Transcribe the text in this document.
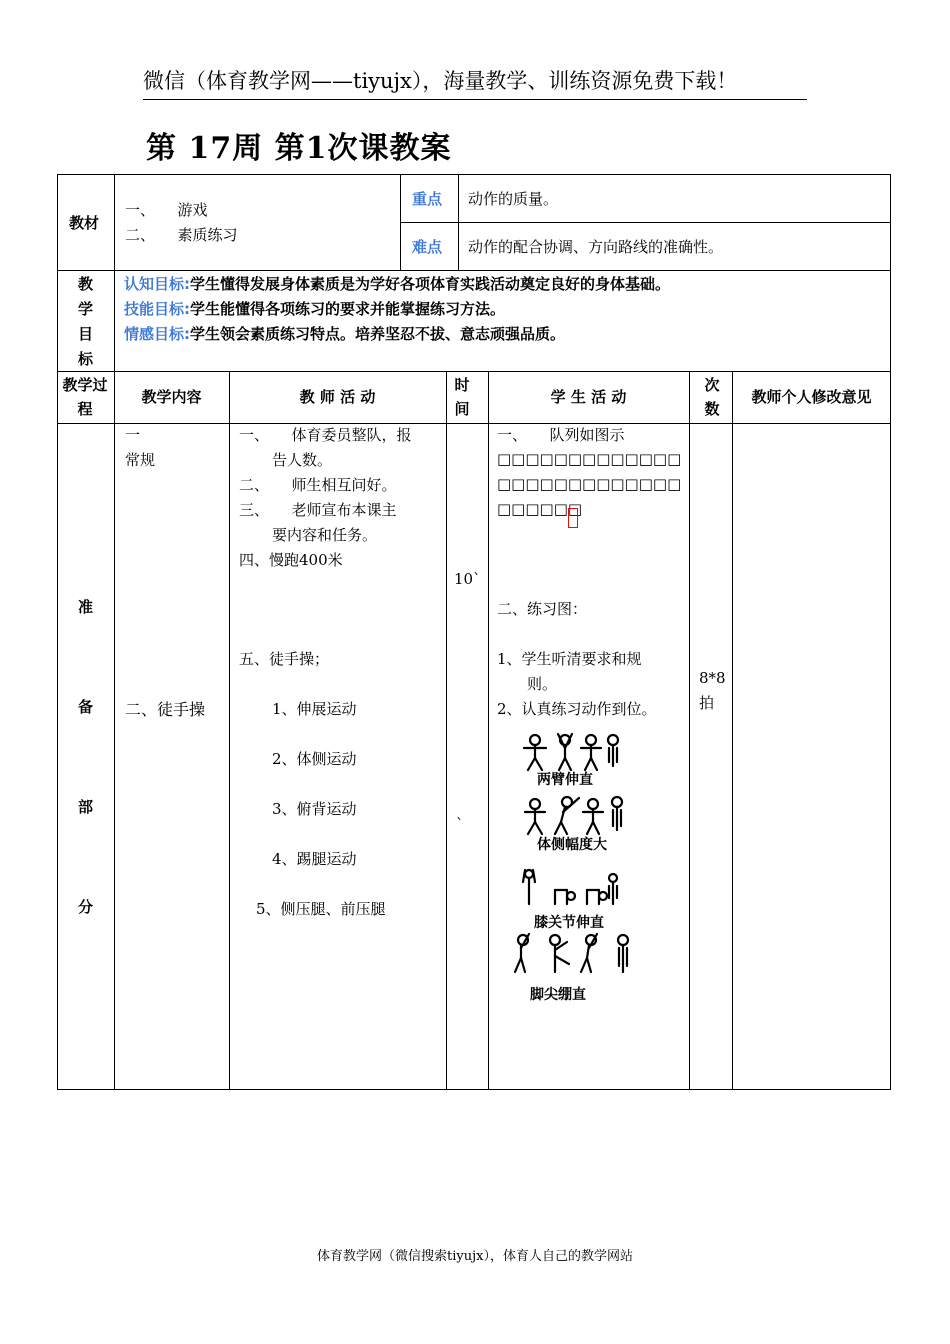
微信（体育教学网——tiyujx），海量教学、训练资源免费下载！
第 17周 第1次课教案
教材
一、　　游戏
二、　　素质练习
重点 动作的质量。
难点 动作的配合协调、方向路线的准确性。
教
学
目
标
认知目标:学生懂得发展身体素质是为学好各项体育实践活动奠定良好的身体基础。
技能目标:学生能懂得各项练习的要求并能掌握练习方法。
情感目标:学生领会素质练习特点。培养坚忍不拔、意志顽强品质。
教学过程
教学内容	教 师 活 动
时间
学 生 活 动
次数
教师个人修改意见
准
备
部
分
一
常规
二、徒手操
一、　　体育委员整队，报
告人数。
二、　　师生相互问好。
三、　　老师宣布本课主
要内容和任务。
四、慢跑400米
五、徒手操；
1、伸展运动
2、体侧运动
3、俯背运动
4、踢腿运动
5、侧压腿、前压腿
10`
`
一、　　队列如图示
□□□□□□□□□□□□□□□□□□□□□□□□□□□□□□□□
二、练习图：
1、学生听清要求和规
则。
2、认真练习动作到位。
两臂伸直
体侧幅度大
膝关节伸直
脚尖绷直
8*8
拍
体育教学网（微信搜索tiyujx），体育人自己的教学网站
